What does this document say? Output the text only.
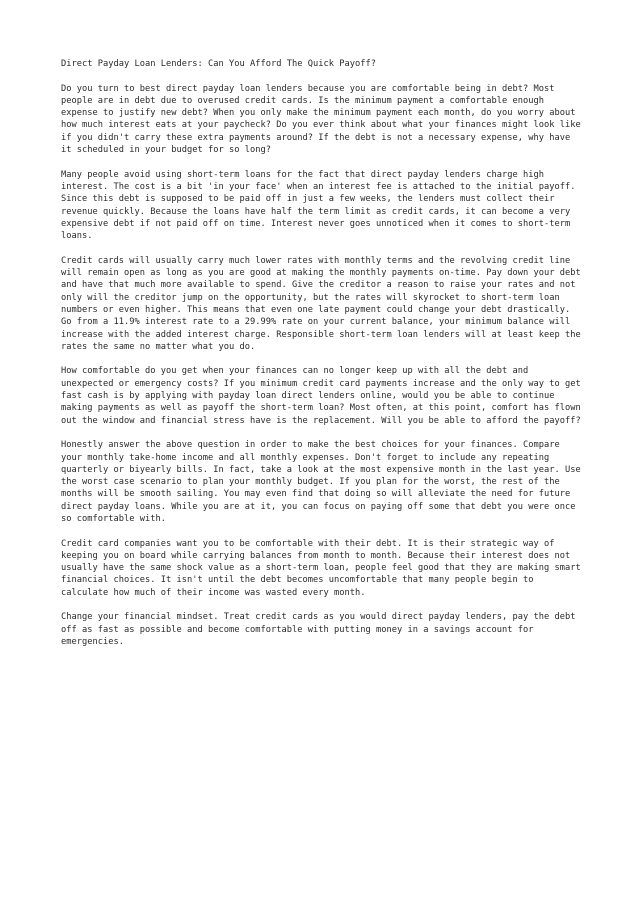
Direct Payday Loan Lenders: Can You Afford The Quick Payoff?

Do you turn to best direct payday loan lenders because you are comfortable being in debt? Most people are in debt due to overused credit cards. Is the minimum payment a comfortable enough expense to justify new debt? When you only make the minimum payment each month, do you worry about how much interest eats at your paycheck? Do you ever think about what your finances might look like if you didn't carry these extra payments around? If the debt is not a necessary expense, why have it scheduled in your budget for so long?

Many people avoid using short-term loans for the fact that direct payday lenders charge high interest. The cost is a bit 'in your face' when an interest fee is attached to the initial payoff. Since this debt is supposed to be paid off in just a few weeks, the lenders must collect their revenue quickly. Because the loans have half the term limit as credit cards, it can become a very expensive debt if not paid off on time. Interest never goes unnoticed when it comes to short-term loans.

Credit cards will usually carry much lower rates with monthly terms and the revolving credit line will remain open as long as you are good at making the monthly payments on-time. Pay down your debt and have that much more available to spend. Give the creditor a reason to raise your rates and not only will the creditor jump on the opportunity, but the rates will skyrocket to short-term loan numbers or even higher. This means that even one late payment could change your debt drastically. Go from a 11.9% interest rate to a 29.99% rate on your current balance, your minimum balance will increase with the added interest charge. Responsible short-term loan lenders will at least keep the rates the same no matter what you do.

How comfortable do you get when your finances can no longer keep up with all the debt and unexpected or emergency costs? If you minimum credit card payments increase and the only way to get fast cash is by applying with payday loan direct lenders online, would you be able to continue making payments as well as payoff the short-term loan? Most often, at this point, comfort has flown out the window and financial stress have is the replacement. Will you be able to afford the payoff?

Honestly answer the above question in order to make the best choices for your finances. Compare your monthly take-home income and all monthly expenses. Don't forget to include any repeating quarterly or biyearly bills. In fact, take a look at the most expensive month in the last year. Use the worst case scenario to plan your monthly budget. If you plan for the worst, the rest of the months will be smooth sailing. You may even find that doing so will alleviate the need for future direct payday loans. While you are at it, you can focus on paying off some that debt you were once so comfortable with.

Credit card companies want you to be comfortable with their debt. It is their strategic way of keeping you on board while carrying balances from month to month. Because their interest does not usually have the same shock value as a short-term loan, people feel good that they are making smart financial choices. It isn't until the debt becomes uncomfortable that many people begin to calculate how much of their income was wasted every month.

Change your financial mindset. Treat credit cards as you would direct payday lenders, pay the debt off as fast as possible and become comfortable with putting money in a savings account for emergencies.
